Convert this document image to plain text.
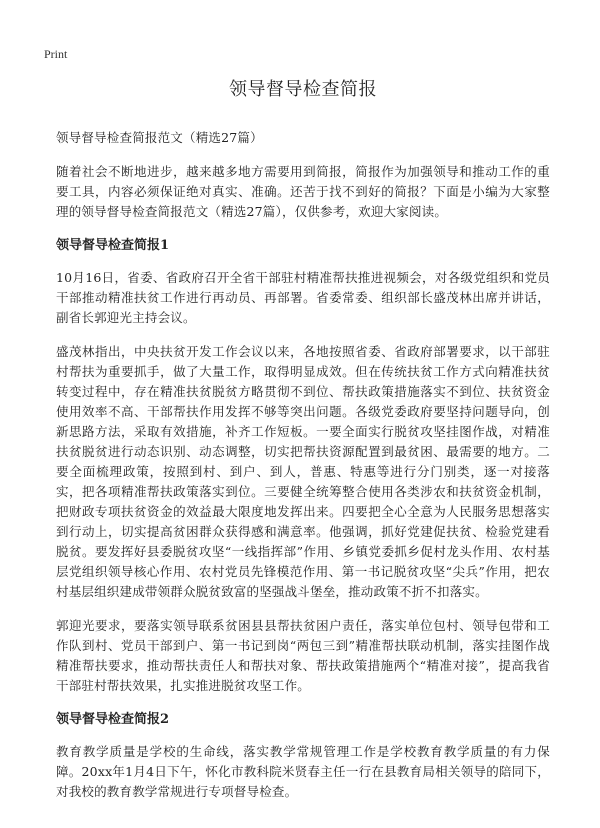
Print
领导督导检查简报

领导督导检查简报范文（精选27篇）

随着社会不断地进步，越来越多地方需要用到简报，简报作为加强领导和推动工作的重要工具，内容必须保证绝对真实、准确。还苦于找不到好的简报？下面是小编为大家整理的领导督导检查简报范文（精选27篇），仅供参考，欢迎大家阅读。

领导督导检查简报1

10月16日，省委、省政府召开全省干部驻村精准帮扶推进视频会，对各级党组织和党员干部推动精准扶贫工作进行再动员、再部署。省委常委、组织部长盛茂林出席并讲话，副省长郭迎光主持会议。

盛茂林指出，中央扶贫开发工作会议以来，各地按照省委、省政府部署要求，以干部驻村帮扶为重要抓手，做了大量工作，取得明显成效。但在传统扶贫工作方式向精准扶贫转变过程中，存在精准扶贫脱贫方略贯彻不到位、帮扶政策措施落实不到位、扶贫资金使用效率不高、干部帮扶作用发挥不够等突出问题。各级党委政府要坚持问题导向，创新思路方法，采取有效措施，补齐工作短板。一要全面实行脱贫攻坚挂图作战，对精准扶贫脱贫进行动态识别、动态调整，切实把帮扶资源配置到最贫困、最需要的地方。二要全面梳理政策，按照到村、到户、到人，普惠、特惠等进行分门别类，逐一对接落实，把各项精准帮扶政策落实到位。三要健全统筹整合使用各类涉农和扶贫资金机制，把财政专项扶贫资金的效益最大限度地发挥出来。四要把全心全意为人民服务思想落实到行动上，切实提高贫困群众获得感和满意率。他强调，抓好党建促扶贫、检验党建看脱贫。要发挥好县委脱贫攻坚“一线指挥部”作用、乡镇党委抓乡促村龙头作用、农村基层党组织领导核心作用、农村党员先锋模范作用、第一书记脱贫攻坚“尖兵”作用，把农村基层组织建成带领群众脱贫致富的坚强战斗堡垒，推动政策不折不扣落实。

郭迎光要求，要落实领导联系贫困县县帮扶贫困户责任，落实单位包村、领导包带和工作队到村、党员干部到户、第一书记到岗“两包三到”精准帮扶联动机制，落实挂图作战精准帮扶要求，推动帮扶责任人和帮扶对象、帮扶政策措施两个“精准对接”，提高我省干部驻村帮扶效果，扎实推进脱贫攻坚工作。

领导督导检查简报2

教育教学质量是学校的生命线，落实教学常规管理工作是学校教育教学质量的有力保障。20xx年1月4日下午，怀化市教科院米贤春主任一行在县教育局相关领导的陪同下，对我校的教育教学常规进行专项督导检查。
